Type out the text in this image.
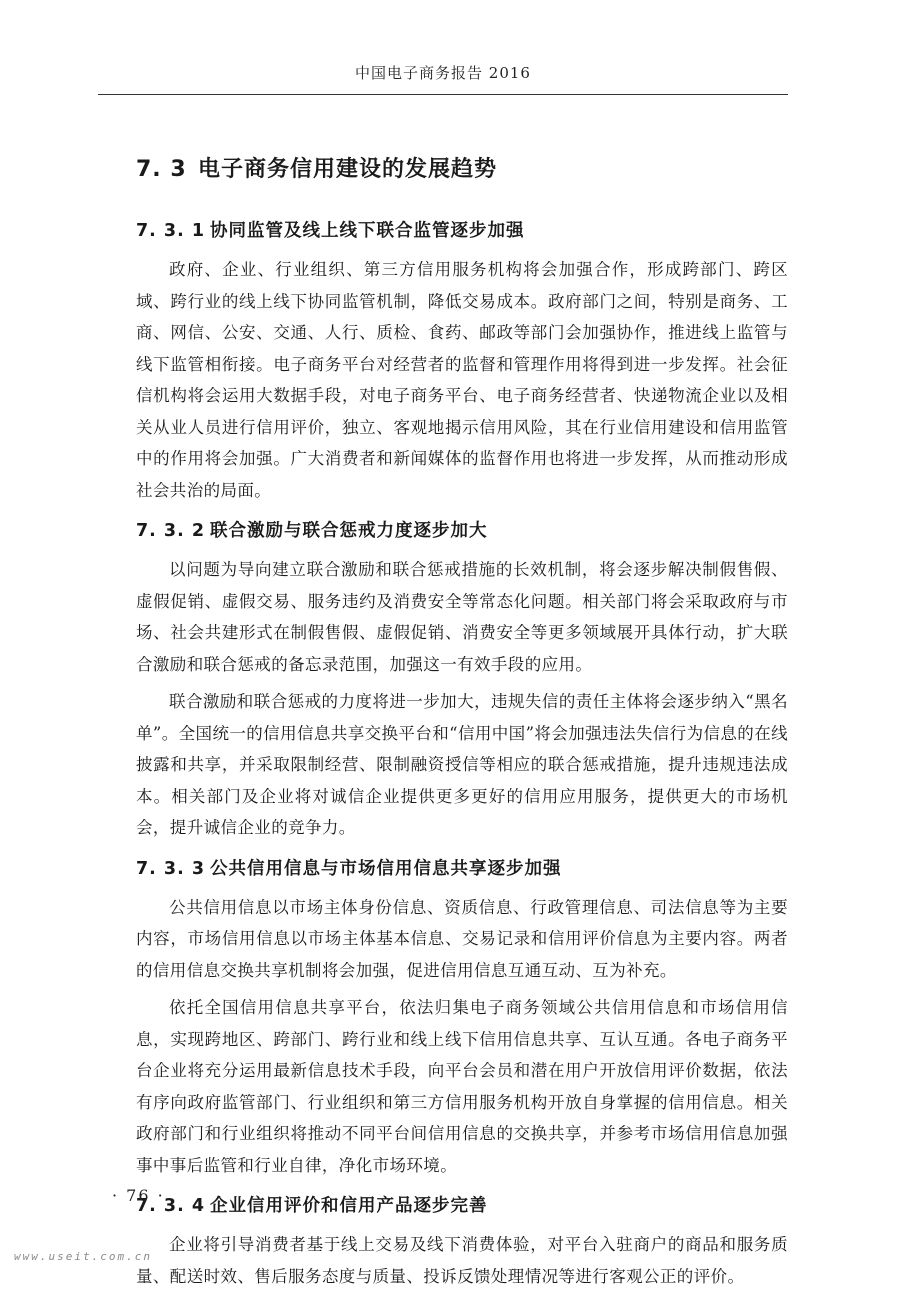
中国电子商务报告 2016
7. 3 电子商务信用建设的发展趋势
7. 3. 1 协同监管及线上线下联合监管逐步加强

政府、企业、行业组织、第三方信用服务机构将会加强合作，形成跨部门、跨区域、跨行业的线上线下协同监管机制，降低交易成本。政府部门之间，特别是商务、工商、网信、公安、交通、人行、质检、食药、邮政等部门会加强协作，推进线上监管与线下监管相衔接。电子商务平台对经营者的监督和管理作用将得到进一步发挥。社会征信机构将会运用大数据手段，对电子商务平台、电子商务经营者、快递物流企业以及相关从业人员进行信用评价，独立、客观地揭示信用风险，其在行业信用建设和信用监管中的作用将会加强。广大消费者和新闻媒体的监督作用也将进一步发挥，从而推动形成社会共治的局面。

7. 3. 2 联合激励与联合惩戒力度逐步加大

以问题为导向建立联合激励和联合惩戒措施的长效机制，将会逐步解决制假售假、虚假促销、虚假交易、服务违约及消费安全等常态化问题。相关部门将会采取政府与市场、社会共建形式在制假售假、虚假促销、消费安全等更多领域展开具体行动，扩大联合激励和联合惩戒的备忘录范围，加强这一有效手段的应用。

联合激励和联合惩戒的力度将进一步加大，违规失信的责任主体将会逐步纳入“黑名单”。全国统一的信用信息共享交换平台和“信用中国”将会加强违法失信行为信息的在线披露和共享，并采取限制经营、限制融资授信等相应的联合惩戒措施，提升违规违法成本。相关部门及企业将对诚信企业提供更多更好的信用应用服务，提供更大的市场机会，提升诚信企业的竞争力。

7. 3. 3 公共信用信息与市场信用信息共享逐步加强

公共信用信息以市场主体身份信息、资质信息、行政管理信息、司法信息等为主要内容，市场信用信息以市场主体基本信息、交易记录和信用评价信息为主要内容。两者的信用信息交换共享机制将会加强，促进信用信息互通互动、互为补充。

依托全国信用信息共享平台，依法归集电子商务领域公共信用信息和市场信用信息，实现跨地区、跨部门、跨行业和线上线下信用信息共享、互认互通。各电子商务平台企业将充分运用最新信息技术手段，向平台会员和潜在用户开放信用评价数据，依法有序向政府监管部门、行业组织和第三方信用服务机构开放自身掌握的信用信息。相关政府部门和行业组织将推动不同平台间信用信息的交换共享，并参考市场信用信息加强事中事后监管和行业自律，净化市场环境。

7. 3. 4 企业信用评价和信用产品逐步完善

企业将引导消费者基于线上交易及线下消费体验，对平台入驻商户的商品和服务质量、配送时效、售后服务态度与质量、投诉反馈处理情况等进行客观公正的评价。

· 76 ·
www.useit.com.cn
